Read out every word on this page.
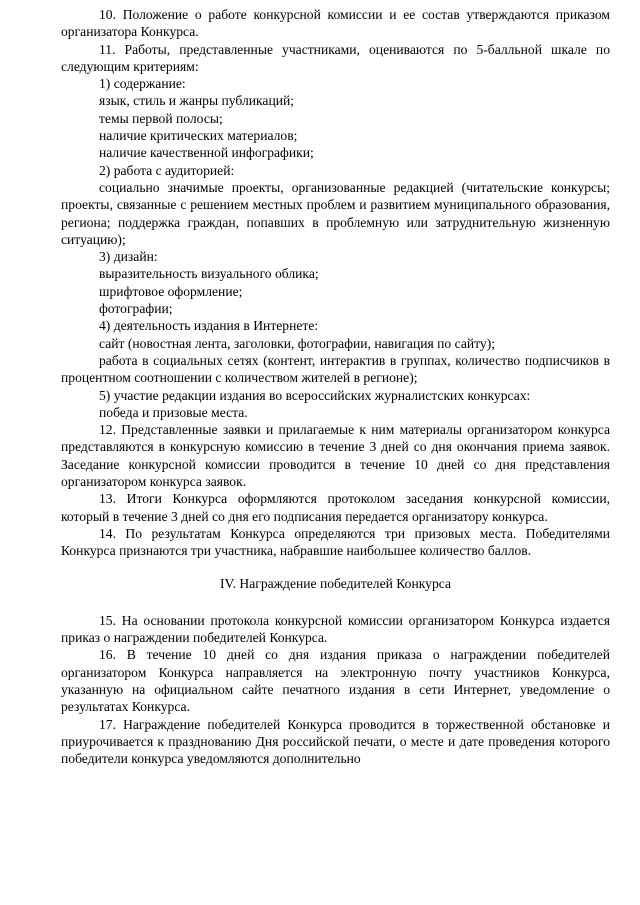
10. Положение о работе конкурсной комиссии и ее состав утверждаются приказом организатора Конкурса.

11. Работы, представленные участниками, оцениваются по 5-балльной шкале по следующим критериям:

1) содержание:

язык, стиль и жанры публикаций;

темы первой полосы;

наличие критических материалов;

наличие качественной инфографики;

2) работа с аудиторией:

социально значимые проекты, организованные редакцией (читательские конкурсы; проекты, связанные с решением местных проблем и развитием муниципального образования, региона; поддержка граждан, попавших в проблемную или затруднительную жизненную ситуацию);

3) дизайн:

выразительность визуального облика;

шрифтовое оформление;

фотографии;

4) деятельность издания в Интернете:

сайт (новостная лента, заголовки, фотографии, навигация по сайту);

работа в социальных сетях (контент, интерактив в группах, количество подписчиков в процентном соотношении с количеством жителей в регионе);

5) участие редакции издания во всероссийских журналистских конкурсах:

победа и призовые места.

12. Представленные заявки и прилагаемые к ним материалы организатором конкурса представляются в конкурсную комиссию в течение 3 дней со дня окончания приема заявок. Заседание конкурсной комиссии проводится в течение 10 дней со дня представления организатором конкурса заявок.

13. Итоги Конкурса оформляются протоколом заседания конкурсной комиссии, который в течение 3 дней со дня его подписания передается организатору конкурса.

14. По результатам Конкурса определяются три призовых места. Победителями Конкурса признаются три участника, набравшие наибольшее количество баллов.

IV. Награждение победителей Конкурса

15. На основании протокола конкурсной комиссии организатором Конкурса издается приказ о награждении победителей Конкурса.

16. В течение 10 дней со дня издания приказа о награждении победителей организатором Конкурса направляется на электронную почту участников Конкурса, указанную на официальном сайте печатного издания в сети Интернет, уведомление о результатах Конкурса.

17. Награждение победителей Конкурса проводится в торжественной обстановке и приурочивается к празднованию Дня российской печати, о месте и дате проведения которого победители конкурса уведомляются дополнительно
